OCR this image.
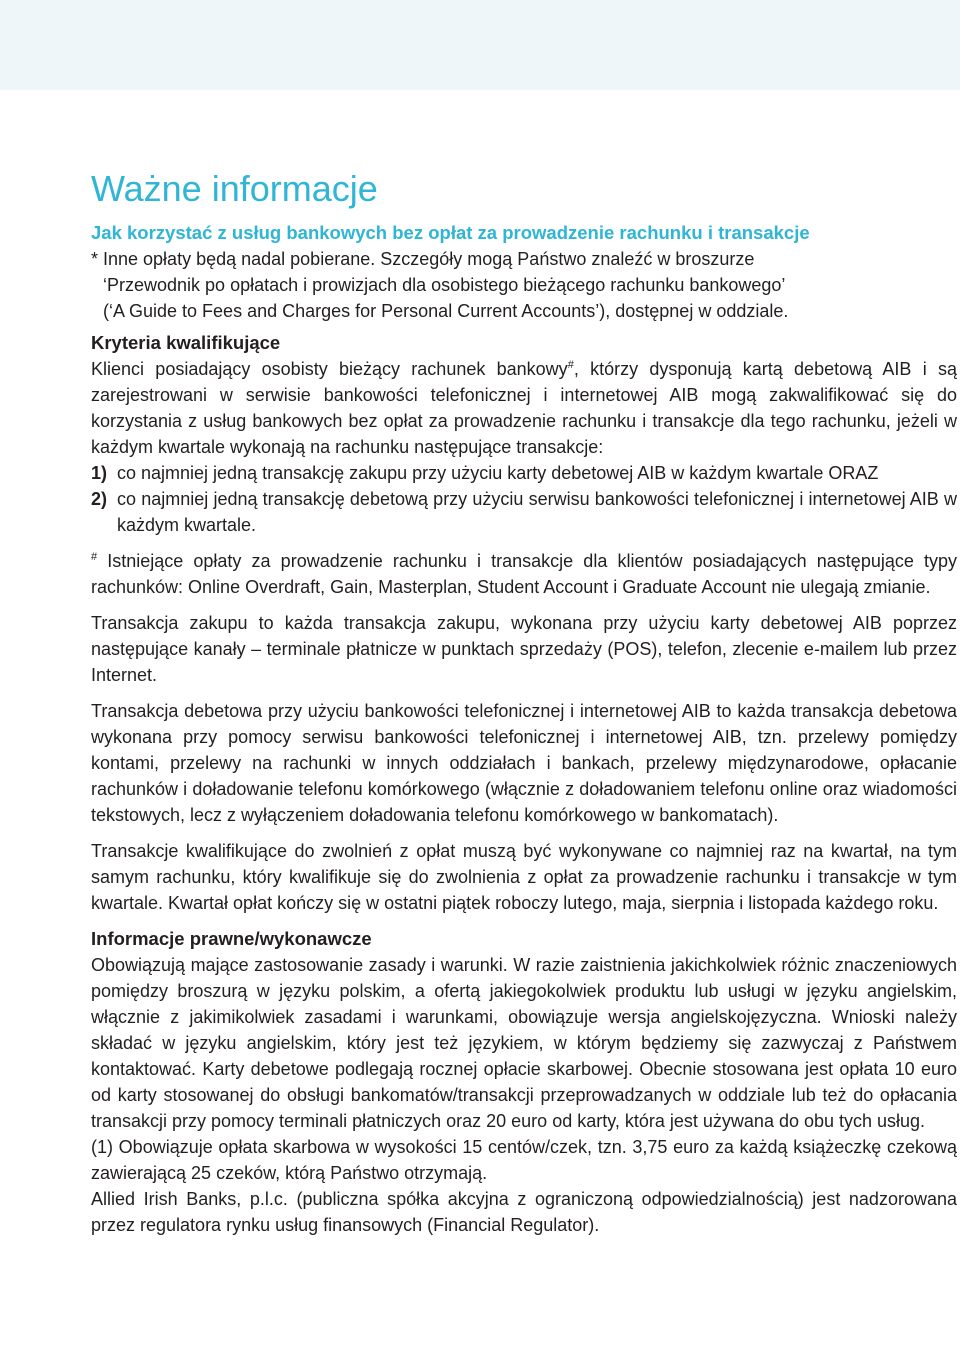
Ważne informacje
Jak korzystać z usług bankowych bez opłat za prowadzenie rachunku i transakcje
* Inne opłaty będą nadal pobierane. Szczegóły mogą Państwo znaleźć w broszurze
‘Przewodnik po opłatach i prowizjach dla osobistego bieżącego rachunku bankowego’
(‘A Guide to Fees and Charges for Personal Current Accounts’), dostępnej w oddziale.
Kryteria kwalifikujące

Klienci posiadający osobisty bieżący rachunek bankowy#, którzy dysponują kartą debetową AIB i są zarejestrowani w serwisie bankowości telefonicznej i internetowej AIB mogą zakwalifikować się do korzystania z usług bankowych bez opłat za prowadzenie rachunku i transakcje dla tego rachunku, jeżeli w każdym kwartale wykonają na rachunku następujące transakcje:

1) co najmniej jedną transakcję zakupu przy użyciu karty debetowej AIB w każdym kwartale ORAZ
2) co najmniej jedną transakcję debetową przy użyciu serwisu bankowości telefonicznej i internetowej AIB w każdym kwartale.

# Istniejące opłaty za prowadzenie rachunku i transakcje dla klientów posiadających następujące typy rachunków: Online Overdraft, Gain, Masterplan, Student Account i Graduate Account nie ulegają zmianie.

Transakcja zakupu to każda transakcja zakupu, wykonana przy użyciu karty debetowej AIB poprzez następujące kanały – terminale płatnicze w punktach sprzedaży (POS), telefon, zlecenie e-mailem lub przez Internet.

Transakcja debetowa przy użyciu bankowości telefonicznej i internetowej AIB to każda transakcja debetowa wykonana przy pomocy serwisu bankowości telefonicznej i internetowej AIB, tzn. przelewy pomiędzy kontami, przelewy na rachunki w innych oddziałach i bankach, przelewy międzynarodowe, opłacanie rachunków i doładowanie telefonu komórkowego (włącznie z doładowaniem telefonu online oraz wiadomości tekstowych, lecz z wyłączeniem doładowania telefonu komórkowego w bankomatach).

Transakcje kwalifikujące do zwolnień z opłat muszą być wykonywane co najmniej raz na kwartał, na tym samym rachunku, który kwalifikuje się do zwolnienia z opłat za prowadzenie rachunku i transakcje w tym kwartale. Kwartał opłat kończy się w ostatni piątek roboczy lutego, maja, sierpnia i listopada każdego roku.

Informacje prawne/wykonawcze

Obowiązują mające zastosowanie zasady i warunki. W razie zaistnienia jakichkolwiek różnic znaczeniowych pomiędzy broszurą w języku polskim, a ofertą jakiegokolwiek produktu lub usługi w języku angielskim, włącznie z jakimikolwiek zasadami i warunkami, obowiązuje wersja angielskojęzyczna. Wnioski należy składać w języku angielskim, który jest też językiem, w którym będziemy się zazwyczaj z Państwem kontaktować. Karty debetowe podlegają rocznej opłacie skarbowej. Obecnie stosowana jest opłata 10 euro od karty stosowanej do obsługi bankomatów/transakcji przeprowadzanych w oddziale lub też do opłacania transakcji przy pomocy terminali płatniczych oraz 20 euro od karty, która jest używana do obu tych usług.

(1) Obowiązuje opłata skarbowa w wysokości 15 centów/czek, tzn. 3,75 euro za każdą książeczkę czekową zawierającą 25 czeków, którą Państwo otrzymają.

Allied Irish Banks, p.l.c. (publiczna spółka akcyjna z ograniczoną odpowiedzialnością) jest nadzorowana przez regulatora rynku usług finansowych (Financial Regulator).
